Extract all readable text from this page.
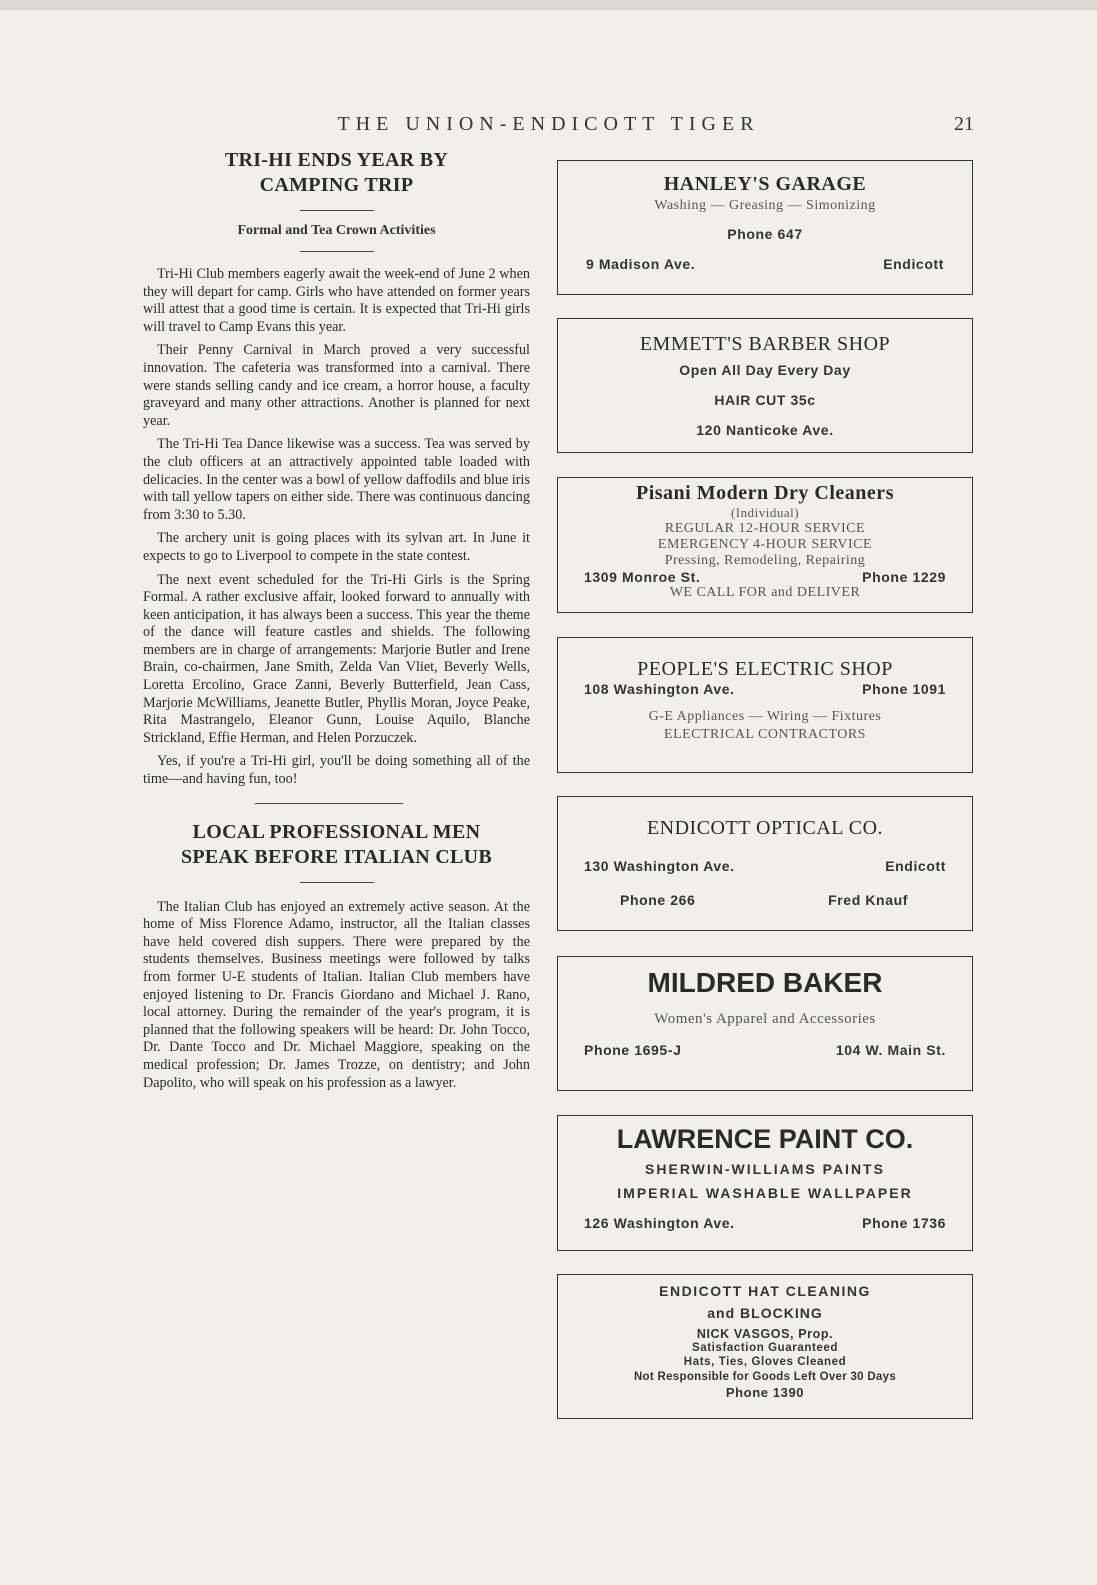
THE UNION-ENDICOTT TIGER	21
TRI-HI ENDS YEAR BY CAMPING TRIP
Formal and Tea Crown Activities

Tri-Hi Club members eagerly await the week-end of June 2 when they will depart for camp. Girls who have attended on former years will attest that a good time is certain. It is expected that Tri-Hi girls will travel to Camp Evans this year.

Their Penny Carnival in March proved a very successful innovation. The cafeteria was transformed into a carnival. There were stands selling candy and ice cream, a horror house, a faculty graveyard and many other attractions. Another is planned for next year.

The Tri-Hi Tea Dance likewise was a success. Tea was served by the club officers at an attractively appointed table loaded with delicacies. In the center was a bowl of yellow daffodils and blue iris with tall yellow tapers on either side. There was continuous dancing from 3:30 to 5.30.

The archery unit is going places with its sylvan art. In June it expects to go to Liverpool to compete in the state contest.

The next event scheduled for the Tri-Hi Girls is the Spring Formal. A rather exclusive affair, looked forward to annually with keen anticipation, it has always been a success. This year the theme of the dance will feature castles and shields. The following members are in charge of arrangements: Marjorie Butler and Irene Brain, co-chairmen, Jane Smith, Zelda Van Vliet, Beverly Wells, Loretta Ercolino, Grace Zanni, Beverly Butterfield, Jean Cass, Marjorie McWilliams, Jeanette Butler, Phyllis Moran, Joyce Peake, Rita Mastrangelo, Eleanor Gunn, Louise Aquilo, Blanche Strickland, Effie Herman, and Helen Porzuczek.

Yes, if you're a Tri-Hi girl, you'll be doing something all of the time—and having fun, too!

LOCAL PROFESSIONAL MEN SPEAK BEFORE ITALIAN CLUB

The Italian Club has enjoyed an extremely active season. At the home of Miss Florence Adamo, instructor, all the Italian classes have held covered dish suppers. There were prepared by the students themselves. Business meetings were followed by talks from former U-E students of Italian. Italian Club members have enjoyed listening to Dr. Francis Giordano and Michael J. Rano, local attorney. During the remainder of the year's program, it is planned that the following speakers will be heard: Dr. John Tocco, Dr. Dante Tocco and Dr. Michael Maggiore, speaking on the medical profession; Dr. James Trozze, on dentistry; and John Dapolito, who will speak on his profession as a lawyer.

HANLEY'S GARAGE
Washing — Greasing — Simonizing
Phone 647
9 Madison Ave.	Endicott
EMMETT'S BARBER SHOP
Open All Day Every Day
HAIR CUT 35c
120 Nanticoke Ave.
Pisani Modern Dry Cleaners
(Individual)
REGULAR 12-HOUR SERVICE
EMERGENCY 4-HOUR SERVICE
Pressing, Remodeling, Repairing
1309 Monroe St.	Phone 1229
WE CALL FOR and DELIVER
PEOPLE'S ELECTRIC SHOP
108 Washington Ave.	Phone 1091
G-E Appliances — Wiring — Fixtures
ELECTRICAL CONTRACTORS
ENDICOTT OPTICAL CO.
130 Washington Ave.	Endicott
Phone 266	Fred Knauf
MILDRED BAKER
Women's Apparel and Accessories
Phone 1695-J	104 W. Main St.
LAWRENCE PAINT CO.
SHERWIN-WILLIAMS PAINTS
IMPERIAL WASHABLE WALLPAPER
126 Washington Ave.	Phone 1736
ENDICOTT HAT CLEANING
and BLOCKING
NICK VASGOS, Prop.
Satisfaction Guaranteed
Hats, Ties, Gloves Cleaned
Not Responsible for Goods Left Over 30 Days
Phone 1390
